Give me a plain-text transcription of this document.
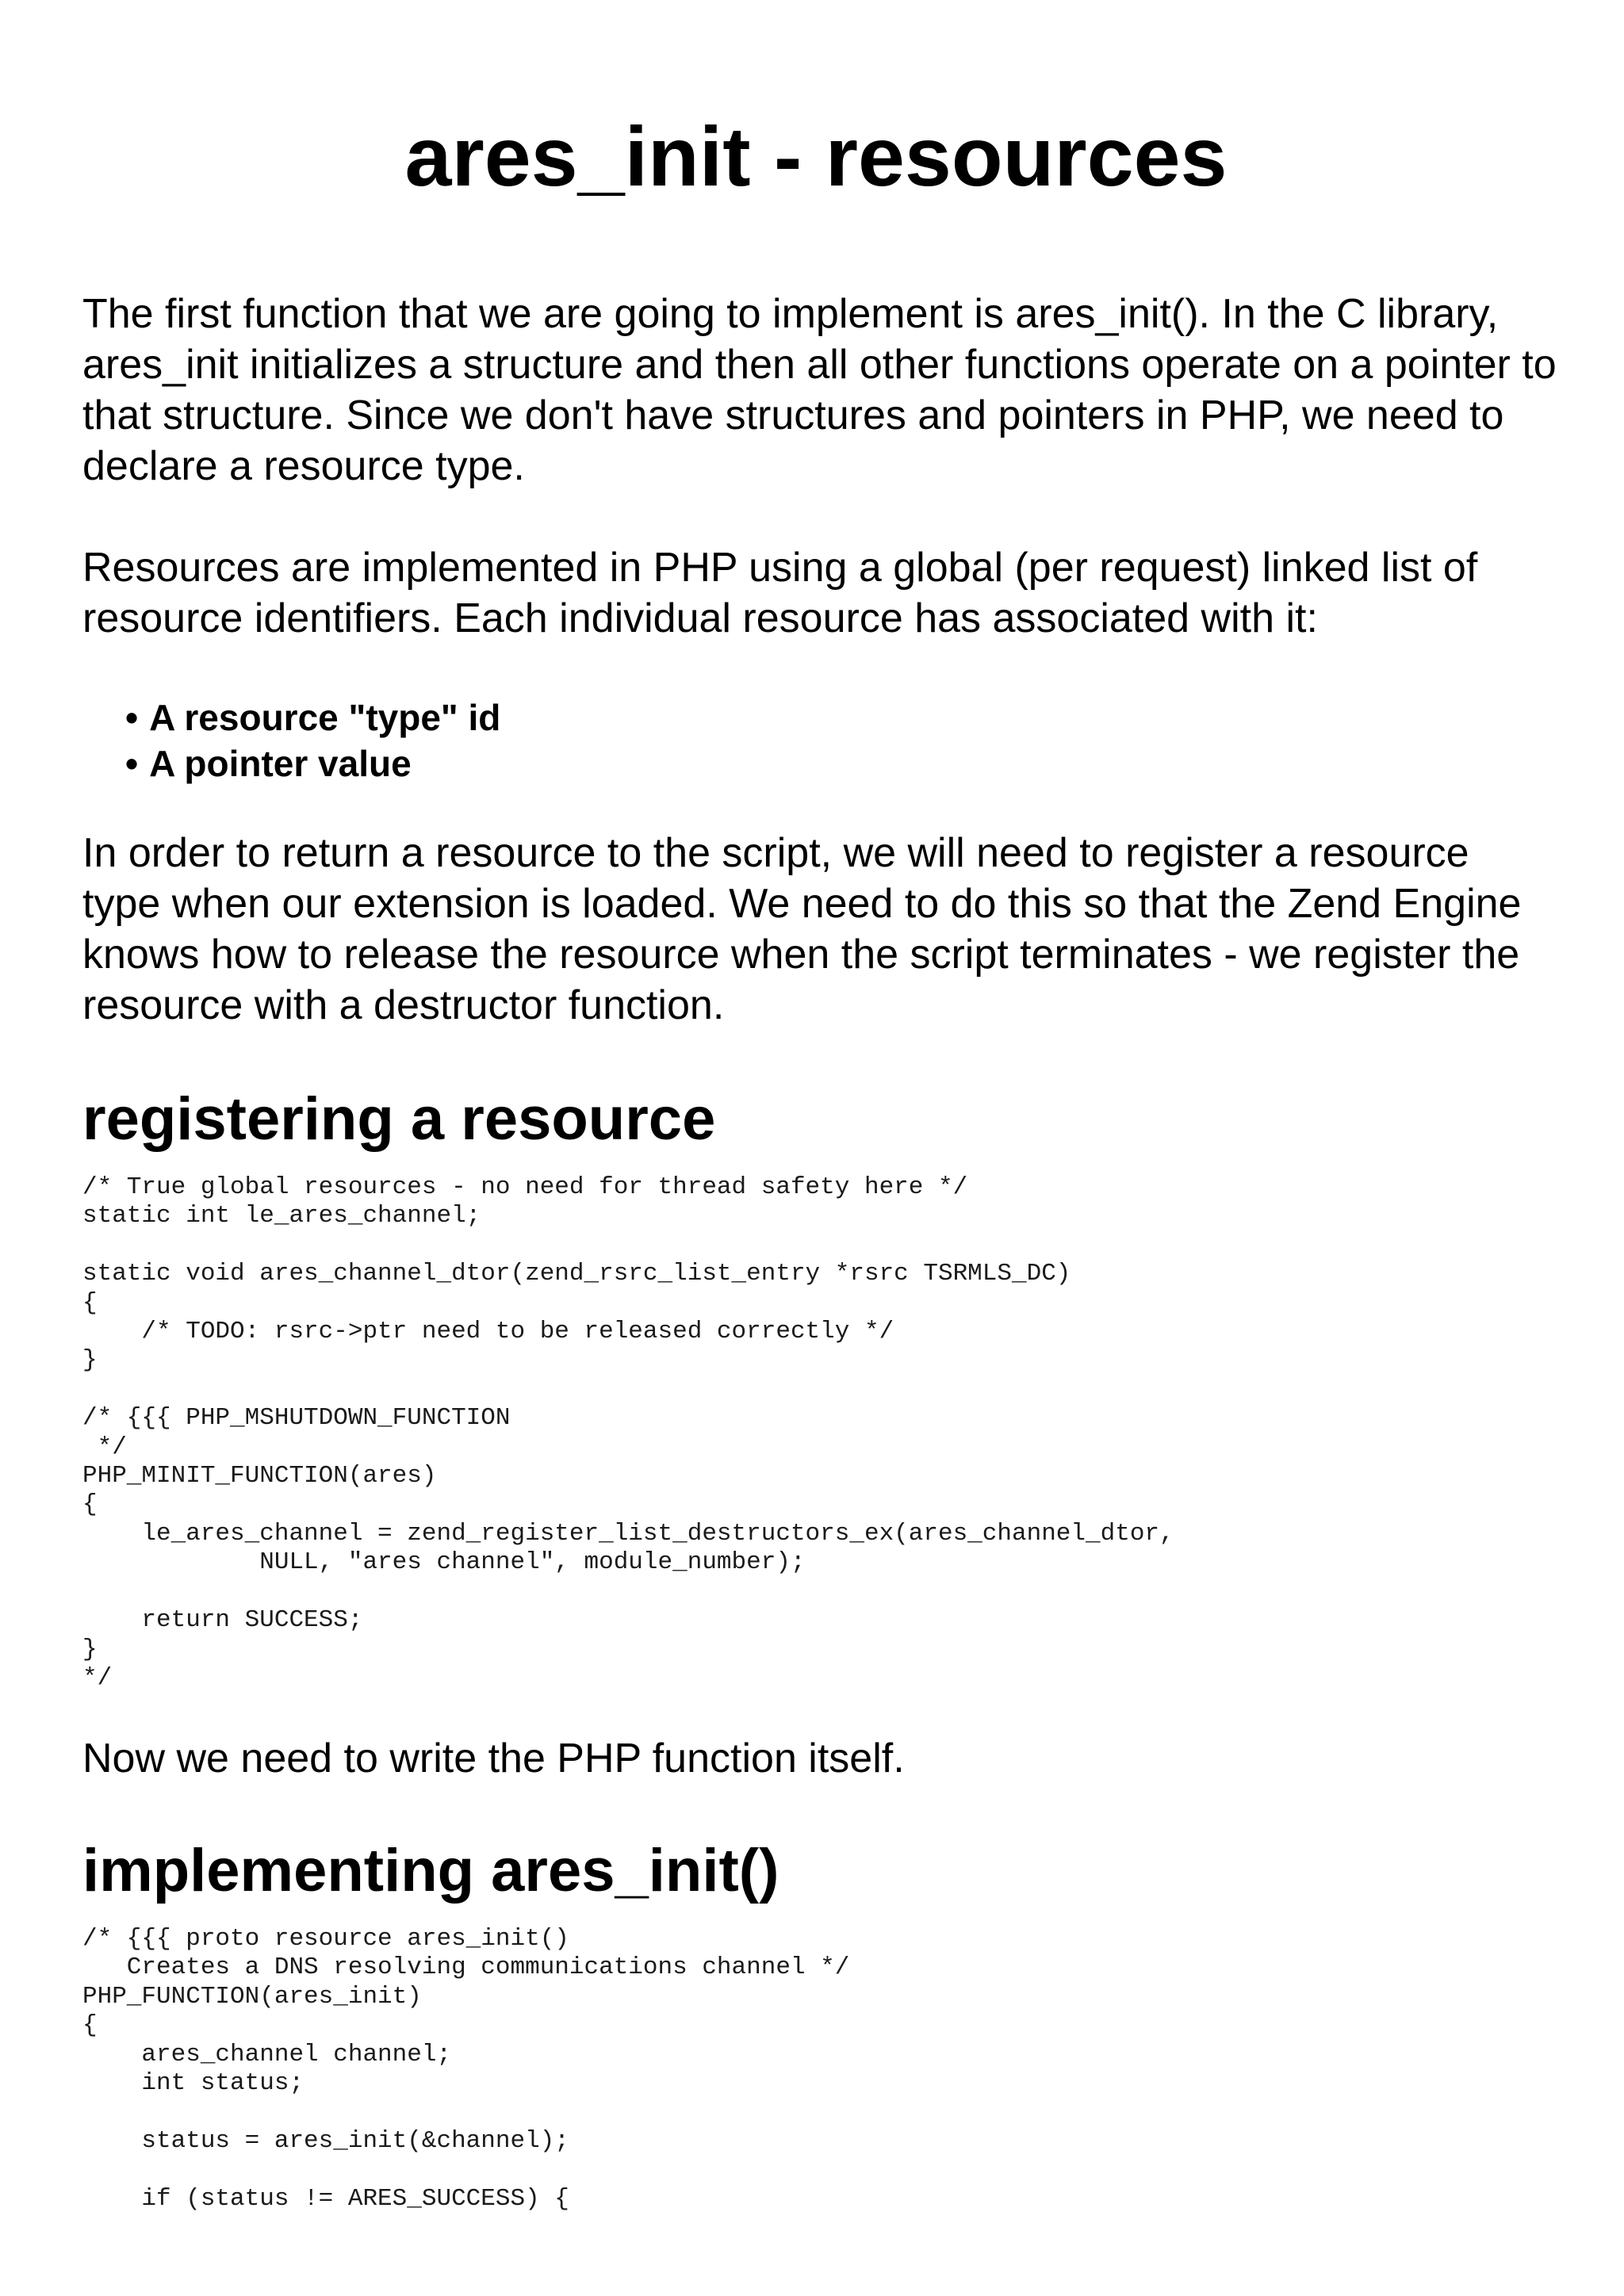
ares_init - resources

The first function that we are going to implement is ares_init(). In the C library, ares_init initializes a structure and then all other functions operate on a pointer to that structure. Since we don't have structures and pointers in PHP, we need to declare a resource type.

Resources are implemented in PHP using a global (per request) linked list of resource identifiers. Each individual resource has associated with it:

• A resource "type" id
• A pointer value

In order to return a resource to the script, we will need to register a resource type when our extension is loaded. We need to do this so that the Zend Engine knows how to release the resource when the script terminates - we register the resource with a destructor function.

registering a resource
/* True global resources - no need for thread safety here */
static int le_ares_channel;

static void ares_channel_dtor(zend_rsrc_list_entry *rsrc TSRMLS_DC)
{
/* TODO: rsrc->ptr need to be released correctly */
}

/* {{{ PHP_MSHUTDOWN_FUNCTION
*/
PHP_MINIT_FUNCTION(ares)
{
le_ares_channel = zend_register_list_destructors_ex(ares_channel_dtor,
NULL, "ares channel", module_number);

return SUCCESS;
}
*/

Now we need to write the PHP function itself.

implementing ares_init()
/* {{{ proto resource ares_init()
Creates a DNS resolving communications channel */
PHP_FUNCTION(ares_init)
{
ares_channel channel;
int status;

status = ares_init(&channel);

if (status != ARES_SUCCESS) {
